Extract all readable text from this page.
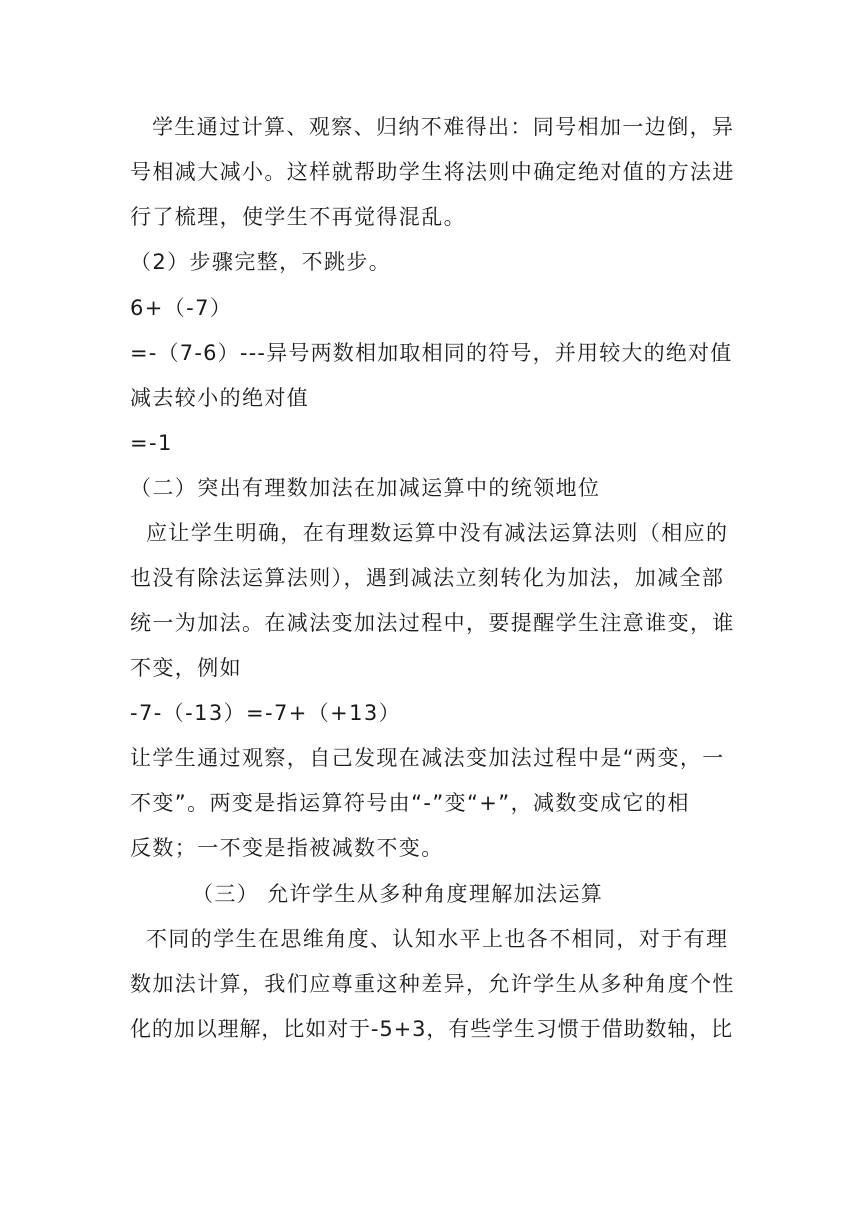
学生通过计算、观察、归纳不难得出：同号相加一边倒，异
号相减大减小。这样就帮助学生将法则中确定绝对值的方法进
行了梳理，使学生不再觉得混乱。
（2）步骤完整，不跳步。
6+（-7）
=-（7-6）---异号两数相加取相同的符号，并用较大的绝对值
减去较小的绝对值
=-1
（二）突出有理数加法在加减运算中的统领地位
应让学生明确，在有理数运算中没有减法运算法则（相应的
也没有除法运算法则），遇到减法立刻转化为加法，加减全部
统一为加法。在减法变加法过程中，要提醒学生注意谁变，谁
不变，例如
-7-（-13）=-7+（+13）
让学生通过观察，自己发现在减法变加法过程中是“两变，一
不变”。两变是指运算符号由“-”变“+”，减数变成它的相
反数；一不变是指被减数不变。
（三） 允许学生从多种角度理解加法运算
不同的学生在思维角度、认知水平上也各不相同，对于有理
数加法计算，我们应尊重这种差异，允许学生从多种角度个性
化的加以理解，比如对于-5+3，有些学生习惯于借助数轴，比
